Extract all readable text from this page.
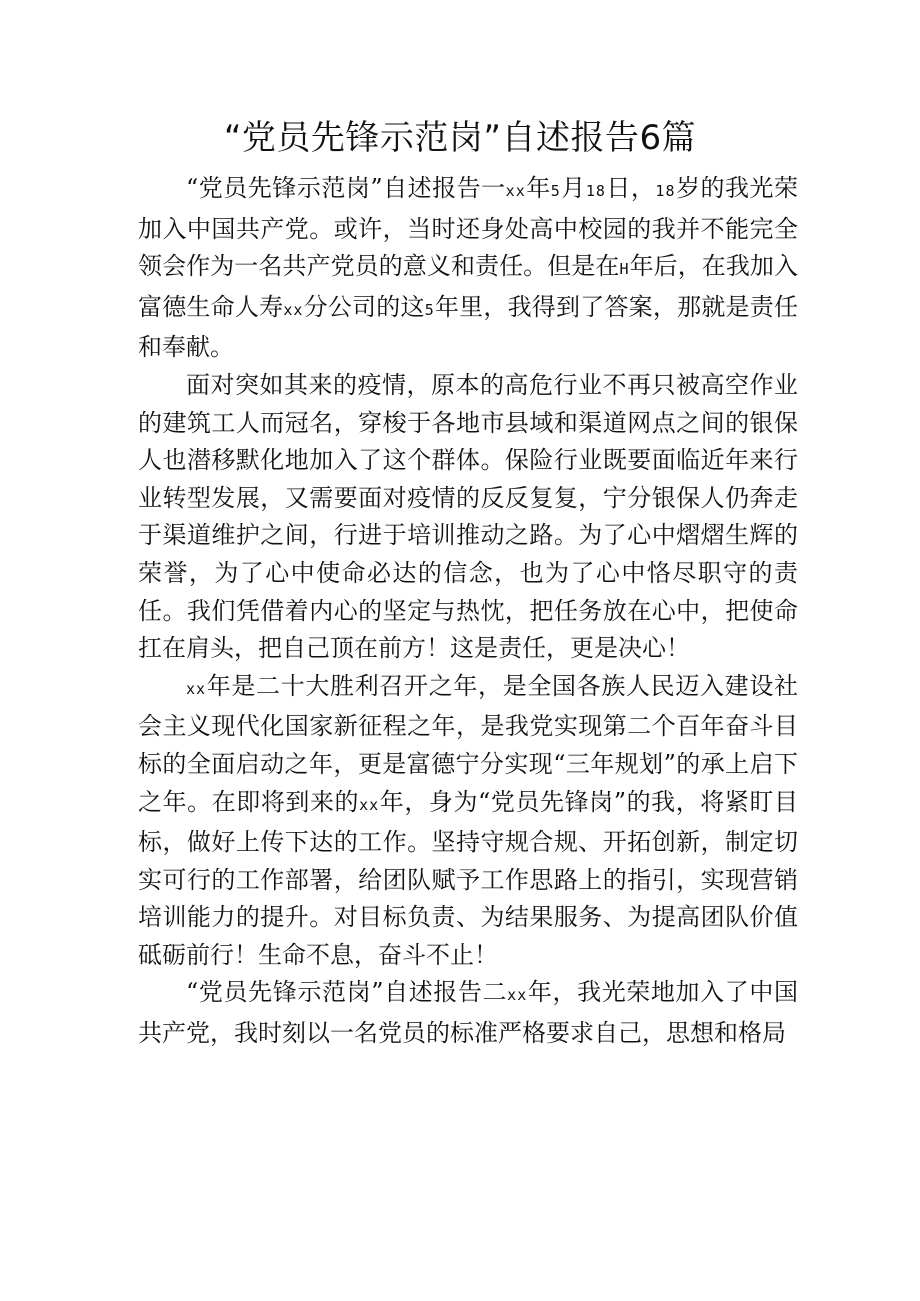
“党员先锋示范岗”自述报告6篇

“党员先锋示范岗”自述报告一xx年5月18日，18岁的我光荣加入中国共产党。或许，当时还身处高中校园的我并不能完全领会作为一名共产党员的意义和责任。但是在H年后，在我加入富德生命人寿xx分公司的这5年里，我得到了答案，那就是责任和奉献。

面对突如其来的疫情，原本的高危行业不再只被高空作业的建筑工人而冠名，穿梭于各地市县域和渠道网点之间的银保人也潜移默化地加入了这个群体。保险行业既要面临近年来行业转型发展，又需要面对疫情的反反复复，宁分银保人仍奔走于渠道维护之间，行进于培训推动之路。为了心中熠熠生辉的荣誉，为了心中使命必达的信念，也为了心中恪尽职守的责任。我们凭借着内心的坚定与热忱，把任务放在心中，把使命扛在肩头，把自己顶在前方！这是责任，更是决心！

xx年是二十大胜利召开之年，是全国各族人民迈入建设社会主义现代化国家新征程之年，是我党实现第二个百年奋斗目标的全面启动之年，更是富德宁分实现“三年规划”的承上启下之年。在即将到来的xx年，身为“党员先锋岗”的我，将紧盯目标，做好上传下达的工作。坚持守规合规、开拓创新，制定切实可行的工作部署，给团队赋予工作思路上的指引，实现营销培训能力的提升。对目标负责、为结果服务、为提高团队价值砥砺前行！生命不息，奋斗不止！

“党员先锋示范岗”自述报告二xx年，我光荣地加入了中国共产党，我时刻以一名党员的标准严格要求自己，思想和格局
